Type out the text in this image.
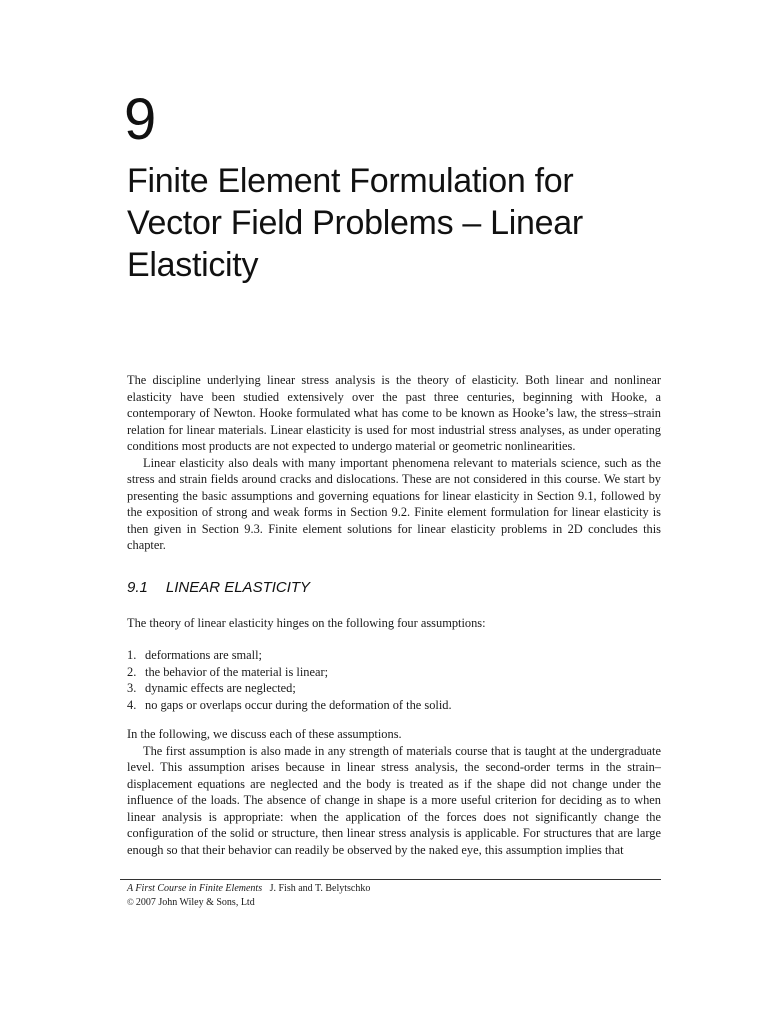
9
Finite Element Formulation for
Vector Field Problems – Linear
Elasticity

The discipline underlying linear stress analysis is the theory of elasticity. Both linear and nonlinear elasticity have been studied extensively over the past three centuries, beginning with Hooke, a contemporary of Newton. Hooke formulated what has come to be known as Hooke’s law, the stress–strain relation for linear materials. Linear elasticity is used for most industrial stress analyses, as under operating conditions most products are not expected to undergo material or geometric nonlinearities.

Linear elasticity also deals with many important phenomena relevant to materials science, such as the stress and strain fields around cracks and dislocations. These are not considered in this course. We start by presenting the basic assumptions and governing equations for linear elasticity in Section 9.1, followed by the exposition of strong and weak forms in Section 9.2. Finite element formulation for linear elasticity is then given in Section 9.3. Finite element solutions for linear elasticity problems in 2D concludes this chapter.

9.1 LINEAR ELASTICITY

The theory of linear elasticity hinges on the following four assumptions:

1. deformations are small;
2. the behavior of the material is linear;
3. dynamic effects are neglected;
4. no gaps or overlaps occur during the deformation of the solid.

In the following, we discuss each of these assumptions.

The first assumption is also made in any strength of materials course that is taught at the undergraduate level. This assumption arises because in linear stress analysis, the second-order terms in the strain–displacement equations are neglected and the body is treated as if the shape did not change under the influence of the loads. The absence of change in shape is a more useful criterion for deciding as to when linear analysis is appropriate: when the application of the forces does not significantly change the configuration of the solid or structure, then linear stress analysis is applicable. For structures that are large enough so that their behavior can readily be observed by the naked eye, this assumption implies that

A First Course in Finite Elements J. Fish and T. Belytschko
© 2007 John Wiley & Sons, Ltd
